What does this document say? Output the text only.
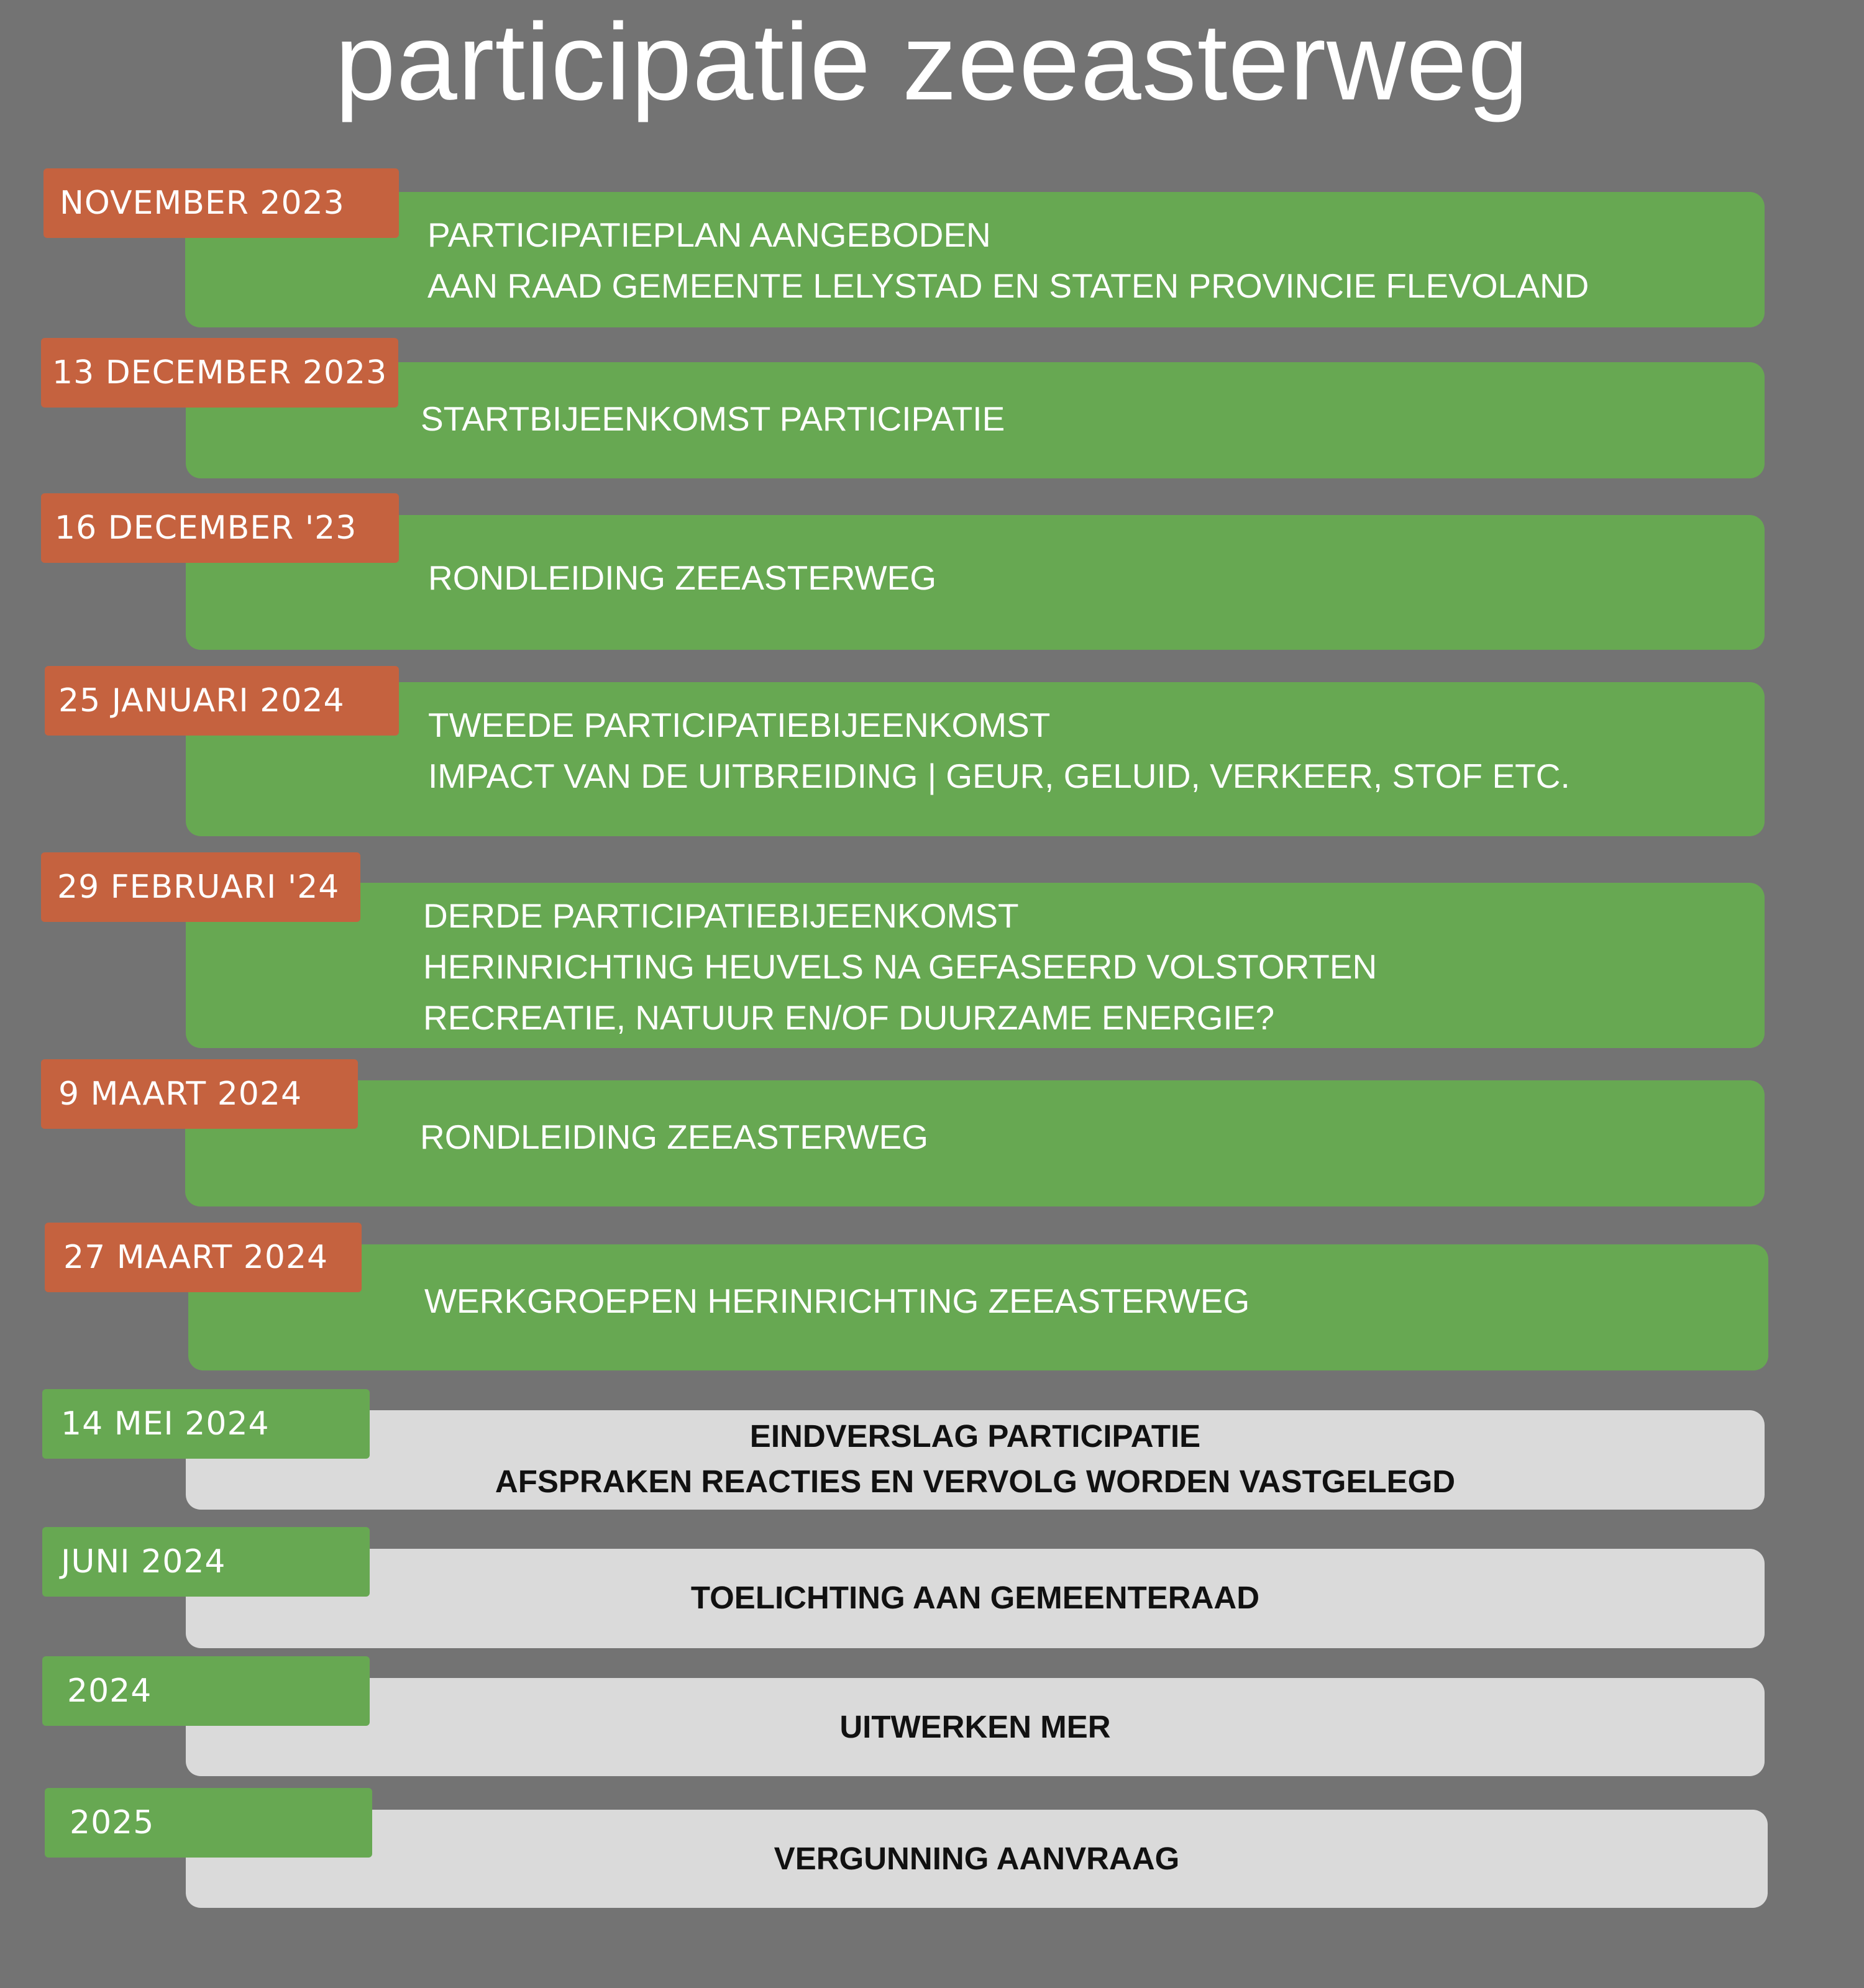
participatie zeeasterweg
PARTICIPATIEPLAN AANGEBODEN
AAN RAAD GEMEENTE LELYSTAD EN STATEN PROVINCIE FLEVOLAND
NOVEMBER 2023
STARTBIJEENKOMST PARTICIPATIE
13 DECEMBER 2023
RONDLEIDING ZEEASTERWEG
16 DECEMBER '23
TWEEDE PARTICIPATIEBIJEENKOMST
IMPACT VAN DE UITBREIDING | GEUR, GELUID, VERKEER, STOF ETC.
25 JANUARI 2024
DERDE PARTICIPATIEBIJEENKOMST
HERINRICHTING HEUVELS NA GEFASEERD VOLSTORTEN
RECREATIE, NATUUR EN/OF DUURZAME ENERGIE?
29 FEBRUARI '24
RONDLEIDING ZEEASTERWEG
9 MAART 2024
WERKGROEPEN HERINRICHTING ZEEASTERWEG
27 MAART 2024
EINDVERSLAG PARTICIPATIE
AFSPRAKEN REACTIES EN VERVOLG WORDEN VASTGELEGD
14 MEI 2024
TOELICHTING AAN GEMEENTERAAD
JUNI 2024
UITWERKEN MER
2024
VERGUNNING AANVRAAG
2025
